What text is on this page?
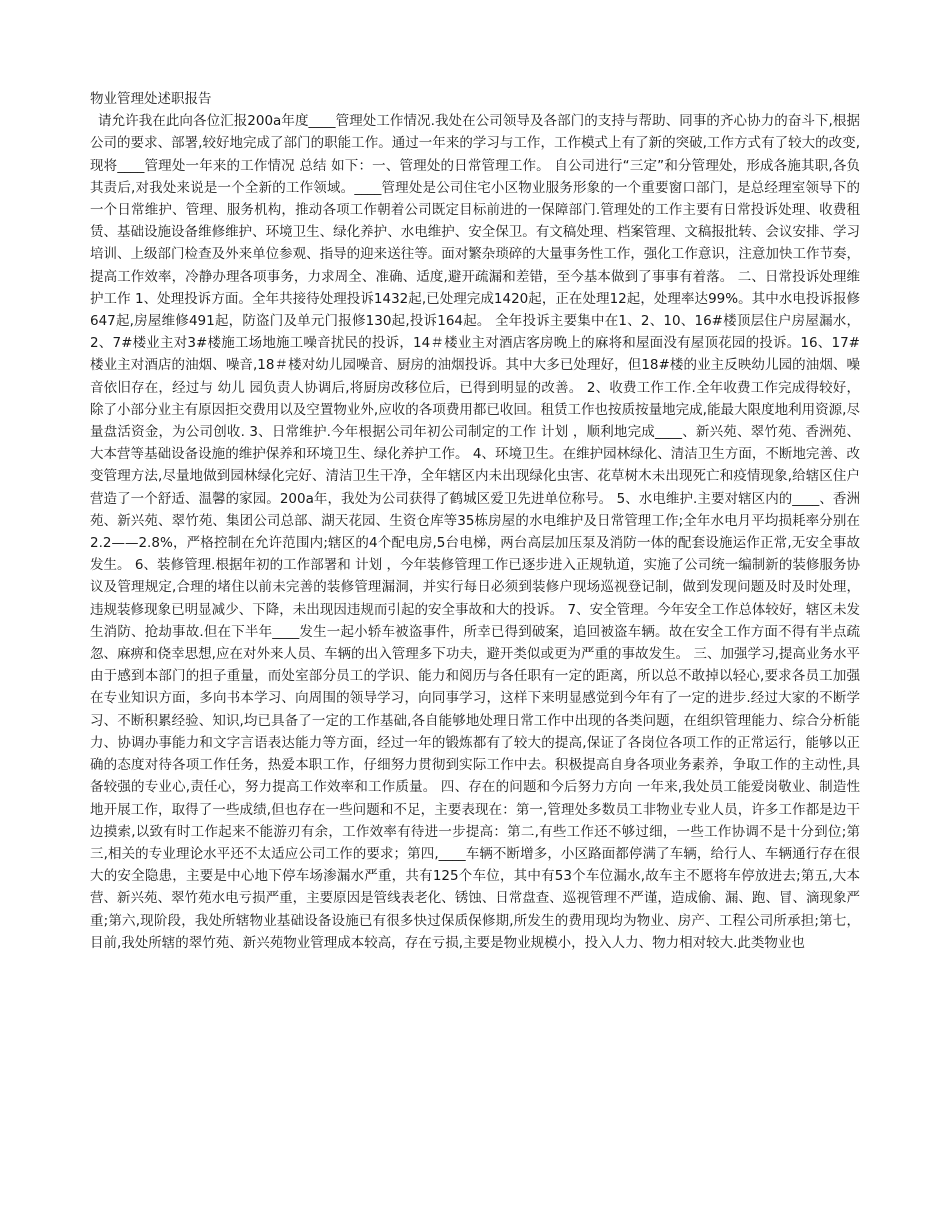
物业管理处述职报告

请允许我在此向各位汇报200a年度____管理处工作情况.我处在公司领导及各部门的支持与帮助、同事的齐心协力的奋斗下,根据公司的要求、部署,较好地完成了部门的职能工作。通过一年来的学习与工作，工作模式上有了新的突破,工作方式有了较大的改变,现将____管理处一年来的工作情况 总结 如下：一、管理处的日常管理工作。 自公司进行“三定”和分管理处，形成各施其职,各负其责后,对我处来说是一个全新的工作领域。____管理处是公司住宅小区物业服务形象的一个重要窗口部门，是总经理室领导下的一个日常维护、管理、服务机构，推动各项工作朝着公司既定目标前进的一保障部门.管理处的工作主要有日常投诉处理、收费租赁、基础设施设备维修维护、环境卫生、绿化养护、水电维护、安全保卫。有文稿处理、档案管理、文稿报批转、会议安排、学习培训、上级部门检查及外来单位参观、指导的迎来送往等。面对繁杂琐碎的大量事务性工作，强化工作意识，注意加快工作节奏，提高工作效率，冷静办理各项事务，力求周全、准确、适度,避开疏漏和差错，至今基本做到了事事有着落。 二、日常投诉处理维护工作 1、处理投诉方面。全年共接待处理投诉1432起,已处理完成1420起，正在处理12起，处理率达99%。其中水电投诉报修647起,房屋维修491起，防盗门及单元门报修130起,投诉164起。 全年投诉主要集中在1、2、10、16#楼顶层住户房屋漏水，2、7#楼业主对3#楼施工场地施工噪音扰民的投诉，14＃楼业主对酒店客房晚上的麻将和屋面没有屋顶花园的投诉。16、17#楼业主对酒店的油烟、噪音,18＃楼对幼儿园噪音、厨房的油烟投诉。其中大多已处理好，但18#楼的业主反映幼儿园的油烟、噪音依旧存在，经过与 幼儿 园负责人协调后,将厨房改移位后，已得到明显的改善。 2、收费工作工作.全年收费工作完成得较好，除了小部分业主有原因拒交费用以及空置物业外,应收的各项费用都已收回。租赁工作也按质按量地完成,能最大限度地利用资源,尽量盘活资金，为公司创收. 3、日常维护.今年根据公司年初公司制定的工作 计划 ，顺利地完成____、新兴苑、翠竹苑、香洲苑、大本营等基础设备设施的维护保养和环境卫生、绿化养护工作。 4、环境卫生。在维护园林绿化、清洁卫生方面，不断地完善、改变管理方法,尽量地做到园林绿化完好、清洁卫生干净，全年辖区内未出现绿化虫害、花草树木未出现死亡和疫情现象,给辖区住户营造了一个舒适、温馨的家园。200a年，我处为公司获得了鹤城区爱卫先进单位称号。 5、水电维护.主要对辖区内的____、香洲苑、新兴苑、翠竹苑、集团公司总部、湖天花园、生资仓库等35栋房屋的水电维护及日常管理工作;全年水电月平均损耗率分别在2.2——2.8%，严格控制在允许范围内;辖区的4个配电房,5台电梯，两台高层加压泵及消防一体的配套设施运作正常,无安全事故发生。 6、装修管理.根据年初的工作部署和 计划 ，今年装修管理工作已逐步进入正规轨道，实施了公司统一编制新的装修服务协议及管理规定,合理的堵住以前未完善的装修管理漏洞，并实行每日必须到装修户现场巡视登记制，做到发现问题及时及时处理，违规装修现象已明显减少、下降，未出现因违规而引起的安全事故和大的投诉。 7、安全管理。今年安全工作总体较好，辖区未发生消防、抢劫事故.但在下半年____发生一起小轿车被盗事件，所幸已得到破案，追回被盗车辆。故在安全工作方面不得有半点疏忽、麻痹和侥幸思想,应在对外来人员、车辆的出入管理多下功夫，避开类似或更为严重的事故发生。 三、加强学习,提高业务水平 由于感到本部门的担子重量，而处室部分员工的学识、能力和阅历与各任职有一定的距离，所以总不敢掉以轻心,要求各员工加强在专业知识方面，多向书本学习、向周围的领导学习，向同事学习，这样下来明显感觉到今年有了一定的进步.经过大家的不断学习、不断积累经验、知识,均已具备了一定的工作基础,各自能够地处理日常工作中出现的各类问题，在组织管理能力、综合分析能力、协调办事能力和文字言语表达能力等方面，经过一年的锻炼都有了较大的提高,保证了各岗位各项工作的正常运行，能够以正确的态度对待各项工作任务，热爱本职工作，仔细努力贯彻到实际工作中去。积极提高自身各项业务素养，争取工作的主动性,具备较强的专业心,责任心，努力提高工作效率和工作质量。 四、存在的问题和今后努力方向 一年来,我处员工能爱岗敬业、制造性地开展工作，取得了一些成绩,但也存在一些问题和不足，主要表现在：第一,管理处多数员工非物业专业人员，许多工作都是边干边摸索,以致有时工作起来不能游刃有余，工作效率有待进一步提高：第二,有些工作还不够过细，一些工作协调不是十分到位;第三,相关的专业理论水平还不太适应公司工作的要求；第四,____车辆不断增多，小区路面都停满了车辆，给行人、车辆通行存在很大的安全隐患，主要是中心地下停车场渗漏水严重，共有125个车位，其中有53个车位漏水,故车主不愿将车停放进去;第五,大本营、新兴苑、翠竹苑水电亏损严重，主要原因是管线表老化、锈蚀、日常盘查、巡视管理不严谨，造成偷、漏、跑、冒、滴现象严重;第六,现阶段，我处所辖物业基础设备设施已有很多快过保质保修期,所发生的费用现均为物业、房产、工程公司所承担;第七，目前,我处所辖的翠竹苑、新兴苑物业管理成本较高，存在亏损,主要是物业规模小，投入人力、物力相对较大.此类物业也
